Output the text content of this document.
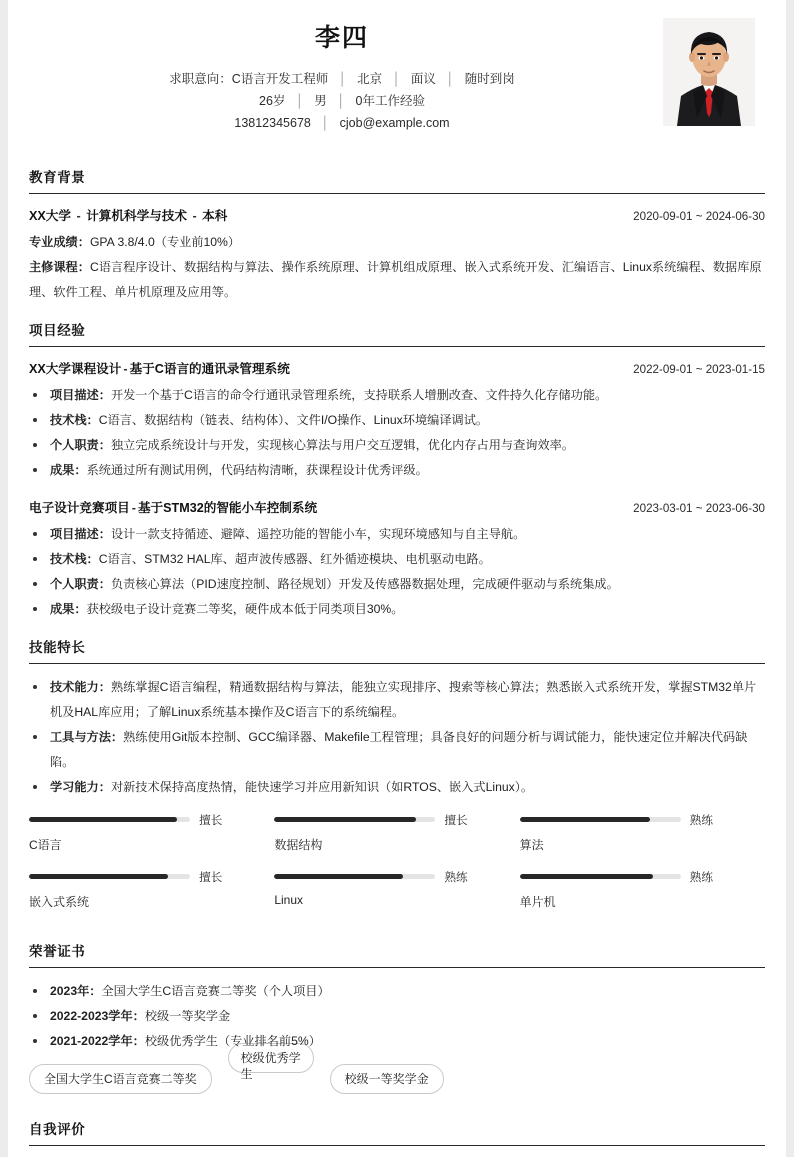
李四
求职意向：C语言开发工程师 │ 北京 │ 面议 │ 随时到岗
26岁 │ 男 │ 0年工作经验
13812345678 │ cjob@example.com
教育背景
XX大学 - 计算机科学与技术 - 本科	2020-09-01 ~ 2024-06-30
专业成绩：GPA 3.8/4.0（专业前10%）
主修课程：C语言程序设计、数据结构与算法、操作系统原理、计算机组成原理、嵌入式系统开发、汇编语言、Linux系统编程、数据库原理、软件工程、单片机原理及应用等。
项目经验
XX大学课程设计 - 基于C语言的通讯录管理系统	2022-09-01 ~ 2023-01-15
项目描述：开发一个基于C语言的命令行通讯录管理系统，支持联系人增删改查、文件持久化存储功能。
技术栈：C语言、数据结构（链表、结构体）、文件I/O操作、Linux环境编译调试。
个人职责：独立完成系统设计与开发，实现核心算法与用户交互逻辑，优化内存占用与查询效率。
成果：系统通过所有测试用例，代码结构清晰，获课程设计优秀评级。
电子设计竞赛项目 - 基于STM32的智能小车控制系统	2023-03-01 ~ 2023-06-30
项目描述：设计一款支持循迹、避障、遥控功能的智能小车，实现环境感知与自主导航。
技术栈：C语言、STM32 HAL库、超声波传感器、红外循迹模块、电机驱动电路。
个人职责：负责核心算法（PID速度控制、路径规划）开发及传感器数据处理，完成硬件驱动与系统集成。
成果：获校级电子设计竞赛二等奖，硬件成本低于同类项目30%。
技能特长
技术能力：熟练掌握C语言编程，精通数据结构与算法，能独立实现排序、搜索等核心算法；熟悉嵌入式系统开发，掌握STM32单片机及HAL库应用；了解Linux系统基本操作及C语言下的系统编程。
工具与方法：熟练使用Git版本控制、GCC编译器、Makefile工程管理；具备良好的问题分析与调试能力，能快速定位并解决代码缺陷。
学习能力：对新技术保持高度热情，能快速学习并应用新知识（如RTOS、嵌入式Linux）。
擅长
C语言
擅长
数据结构
熟练
算法
擅长
嵌入式系统
熟练
Linux
熟练
单片机
荣誉证书
2023年：全国大学生C语言竞赛二等奖（个人项目）
2022-2023学年：校级一等奖学金
2021-2022学年：校级优秀学生（专业排名前5%）
全国大学生C语言竞赛二等奖
校级优秀学生	校级一等奖学金
自我评价
